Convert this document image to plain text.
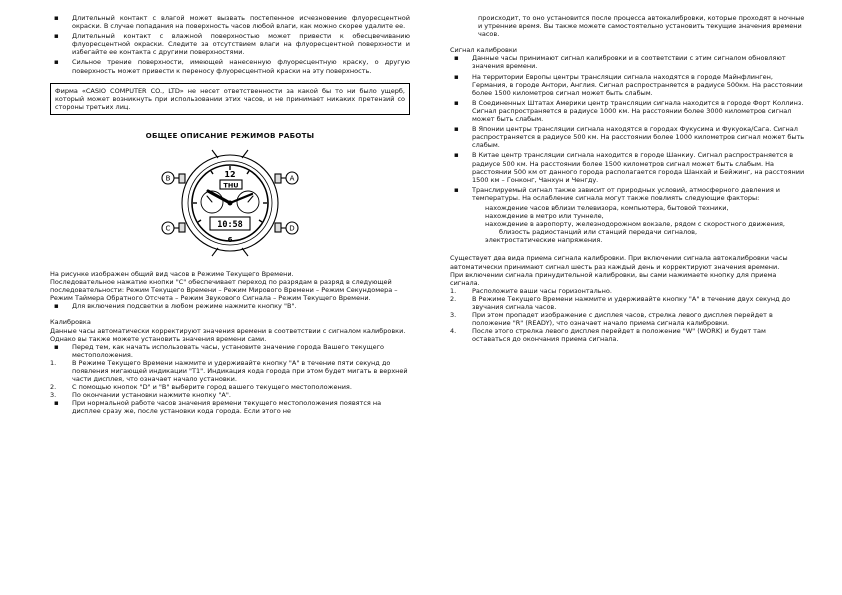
▪ Длительный контакт с влагой может вызвать постепенное исчезновение флуоресцентной окраски. В случае попадания на поверхность часов любой влаги, как можно скорее удалите ее.
▪ Длительный контакт с влажной поверхностью может привести к обесцвечиванию флуоресцентной окраски. Следите за отсутствием влаги на флуоресцентной поверхности и избегайте ее контакта с другими поверхностями.
▪ Сильное трение поверхности, имеющей нанесенную флуоресцентную краску, о другую поверхность может привести к переносу флуоресцентной краски на эту поверхность.

Фирма «CASIO COMPUTER CO., LTD» не несет ответственности за какой бы то ни было ущерб, который может возникнуть при использовании этих часов, и не принимает никаких претензий со стороны третьих лиц.

ОБЩЕЕ ОПИСАНИЕ РЕЖИМОВ РАБОТЫ
12
6
THU
10:58
B
C
A
D

На рисунке изображен общий вид часов в Режиме Текущего Времени.

Последовательное нажатие кнопки "C" обеспечивает переход по разрядам в разряд в следующей последовательности: Режим Текущего Времени – Режим Мирового Времени – Режим Секундомера – Режим Таймера Обратного Отсчета – Режим Звукового Сигнала – Режим Текущего Времени.

▪ Для включения подсветки в любом режиме нажмите кнопку "В".

Калибровка

Данные часы автоматически корректируют значения времени в соответствии с сигналом калибровки. Однако вы также можете установить значения времени сами.

▪ Перед тем, как начать использовать часы, установите значение города Вашего текущего местоположения.
1. В Режиме Текущего Времени нажмите и удерживайте кнопку "A" в течение пяти секунд до появления мигающей индикации "T1". Индикация кода города при этом будет мигать в верхней части дисплея, что означает начало установки.
2. С помощью кнопок "D" и "B" выберите город вашего текущего местоположения.
3. По окончании установки нажмите кнопку "A".
▪ При нормальной работе часов значения времени текущего местоположения появятся на дисплее сразу же, после установки кода города. Если этого не

происходит, то оно установится после процесса автокалибровки, которые проходят в ночные и утренние время. Вы также можете самостоятельно установить текущие значения времени часов.

Сигнал калибровки

▪ Данные часы принимают сигнал калибровки и в соответствии с этим сигналом обновляют значения времени.
▪ На территории Европы центры трансляции сигнала находятся в городе Майнфлинген, Германия, в городе Антори, Англия. Сигнал распространяется в радиусе 500км. На расстоянии более 1500 километров сигнал может быть слабым.
▪ В Соединенных Штатах Америки центр трансляции сигнала находится в городе Форт Коллинз. Сигнал распространяется в радиусе 1000 км. На расстоянии более 3000 километров сигнал может быть слабым.
▪ В Японии центры трансляции сигнала находятся в городах Фукусима и Фукуока/Сага. Сигнал распространяется в радиусе 500 км. На расстоянии более 1000 километров сигнал может быть слабым.
▪ В Китае центр трансляции сигнала находится в городе Шанкиу. Сигнал распространяется в радиусе 500 км. На расстоянии более 1500 километров сигнал может быть слабым. На расстоянии 500 км от данного города располагается города Шанхай и Бейжинг, на расстоянии 1500 км – Гонконг, Чанхун и Ченгду.
▪ Транслируемый сигнал также зависит от природных условий, атмосферного давления и температуры. На ослабление сигнала могут также повлиять следующие факторы:

нахождение часов вблизи телевизора, компьютера, бытовой техники,

нахождение в метро или туннеле,

нахождение в аэропорту, железнодорожном вокзале, рядом с скоростного движения,

близость радиостанций или станций передачи сигналов,

электростатические напряжения.

Существует два вида приема сигнала калибровки. При включении сигнала автокалибровки часы автоматически принимают сигнал шесть раз каждый день и корректируют значения времени.

При включении сигнала принудительной калибровки, вы сами нажимаете кнопку для приема сигнала.

1. Расположите ваши часы горизонтально.
2. В Режиме Текущего Времени нажмите и удерживайте кнопку "A" в течение двух секунд до звучания сигнала часов.
3. При этом пропадет изображение с дисплея часов, стрелка левого дисплея перейдет в положение "R" (READY), что означает начало приема сигнала калибровки.
4. После этого стрелка левого дисплея перейдет в положение "W" (WORK) и будет там оставаться до окончания приема сигнала.
